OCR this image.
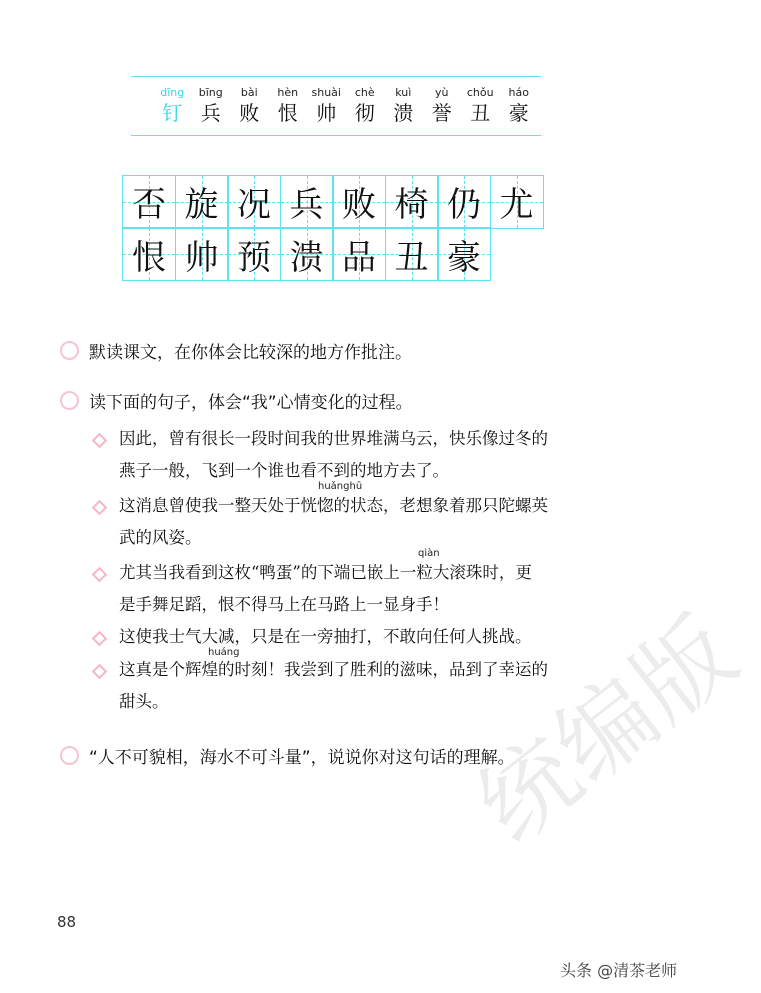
dīng
钉
bīng
兵
bài
败
hèn
恨
shuài
帅
chè
彻
kuì
溃
yù
誉
chǒu
丑
háo
豪
否 旋 况 兵 败 椅 仍 尤
恨 帅 预 溃 品 丑 豪
默读课文，在你体会比较深的地方作批注。
读下面的句子，体会“我”心情变化的过程。
因此，曾有很长一段时间我的世界堆满乌云，快乐像过冬的
燕子一般，飞到一个谁也看不到的地方去了。
huǎnghū
这消息曾使我一整天处于恍惚的状态，老想象着那只陀螺英
武的风姿。
qiàn
尤其当我看到这枚“鸭蛋”的下端已嵌上一粒大滚珠时，更
是手舞足蹈，恨不得马上在马路上一显身手！
这使我士气大减，只是在一旁抽打，不敢向任何人挑战。
huáng
这真是个辉煌的时刻！我尝到了胜利的滋味，品到了幸运的
甜头。
“人不可貌相，海水不可斗量”，说说你对这句话的理解。
统编版
88
头条 @清茶老师
